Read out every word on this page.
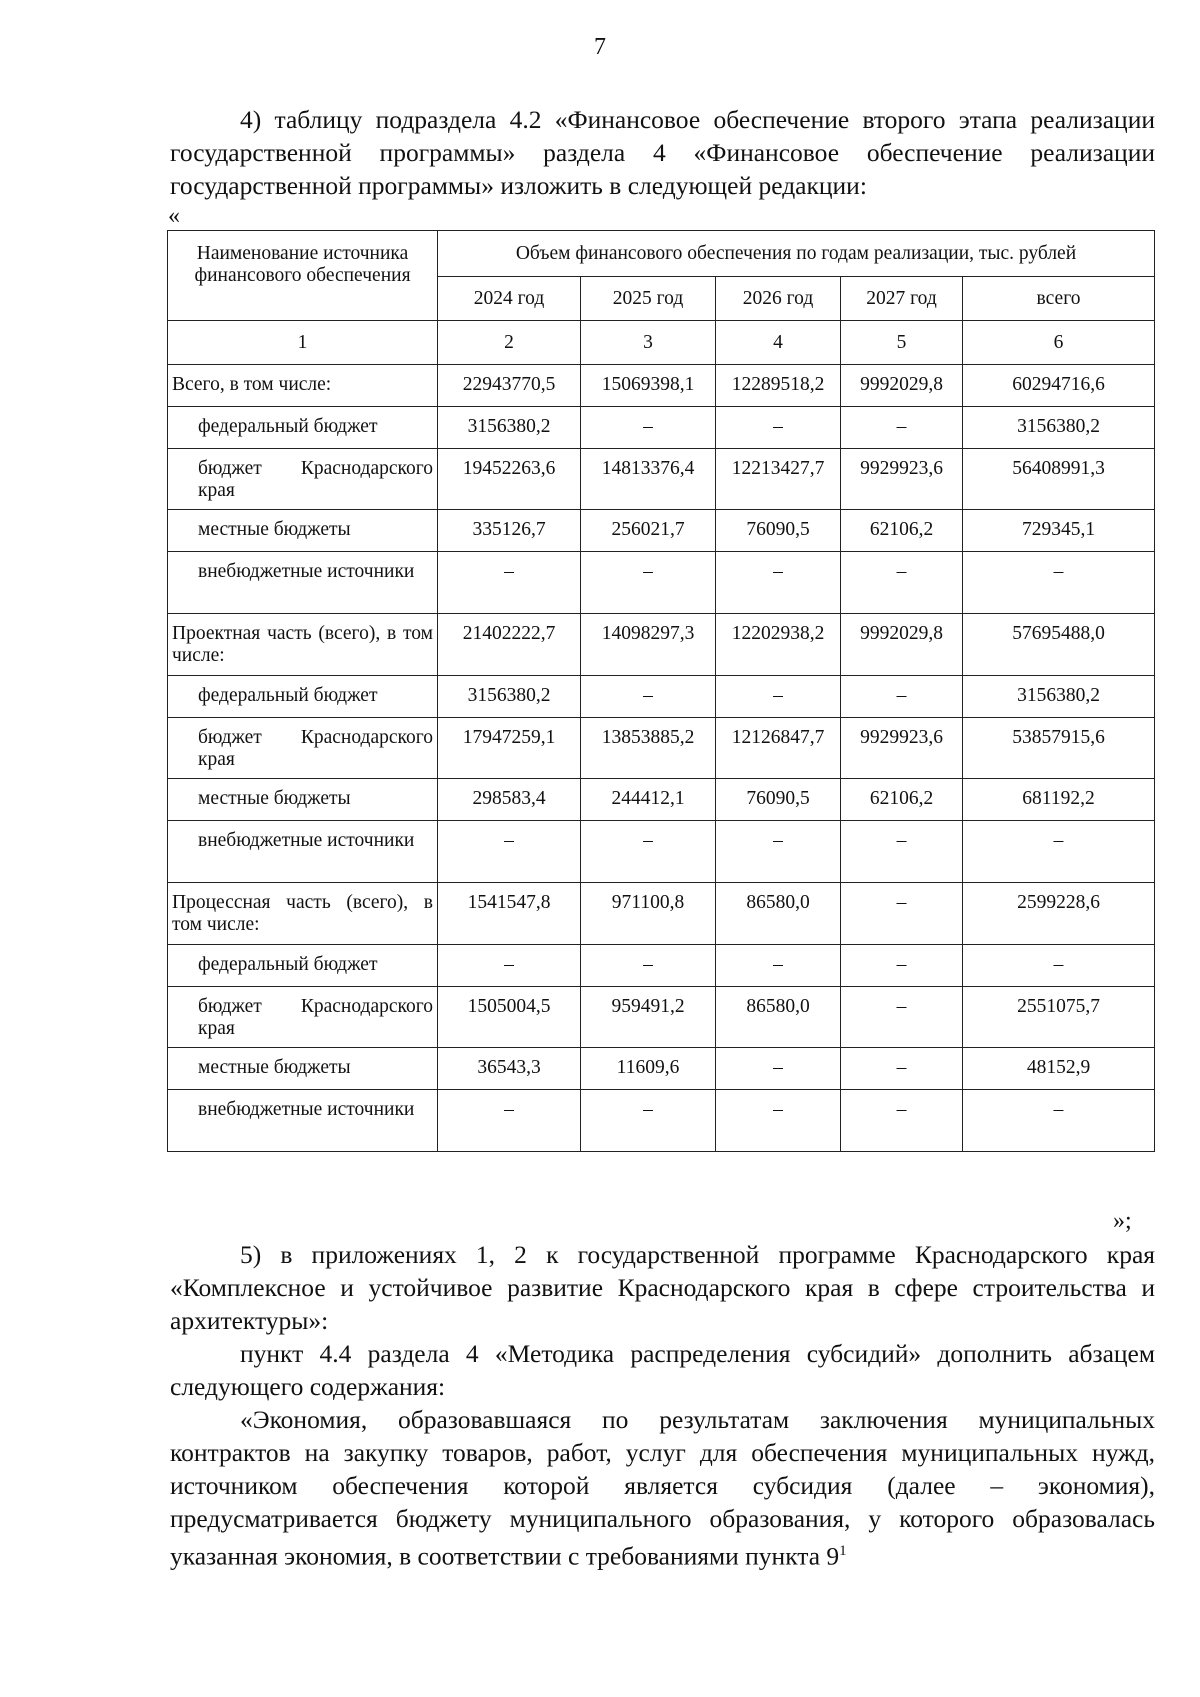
7
4) таблицу подраздела 4.2 «Финансовое обеспечение второго этапа реализации государственной программы» раздела 4 «Финансовое обеспечение реализации государственной программы» изложить в следующей редакции:
«
Наименование источника финансового обеспечения	Объем финансового обеспечения по годам реализации, тыс. рублей				
	2024 год	2025 год	2026 год	2027 год	всего
1	2	3	4	5	6
Всего, в том числе:	22943770,5	15069398,1	12289518,2	9992029,8	60294716,6
федеральный бюджет	3156380,2	–	–	–	3156380,2
бюджет Краснодарского края	19452263,6	14813376,4	12213427,7	9929923,6	56408991,3
местные бюджеты	335126,7	256021,7	76090,5	62106,2	729345,1
внебюджетные источники	–	–	–	–	–
Проектная часть (всего), в том числе:	21402222,7	14098297,3	12202938,2	9992029,8	57695488,0
федеральный бюджет	3156380,2	–	–	–	3156380,2
бюджет Краснодарского края	17947259,1	13853885,2	12126847,7	9929923,6	53857915,6
местные бюджеты	298583,4	244412,1	76090,5	62106,2	681192,2
внебюджетные источники	–	–	–	–	–
Процессная часть (всего), в том числе:	1541547,8	971100,8	86580,0	–	2599228,6
федеральный бюджет	–	–	–	–	–
бюджет Краснодарского края	1505004,5	959491,2	86580,0	–	2551075,7
местные бюджеты	36543,3	11609,6	–	–	48152,9
внебюджетные источники	–	–	–	–	–
»;
5) в приложениях 1, 2 к государственной программе Краснодарского края «Комплексное и устойчивое развитие Краснодарского края в сфере строительства и архитектуры»:
пункт 4.4 раздела 4 «Методика распределения субсидий» дополнить абзацем следующего содержания:
«Экономия, образовавшаяся по результатам заключения муниципальных контрактов на закупку товаров, работ, услуг для обеспечения муниципальных нужд, источником обеспечения которой является субсидия (далее – экономия), предусматривается бюджету муниципального образования, у которого образовалась указанная экономия, в соответствии с требованиями пункта $9^1$
